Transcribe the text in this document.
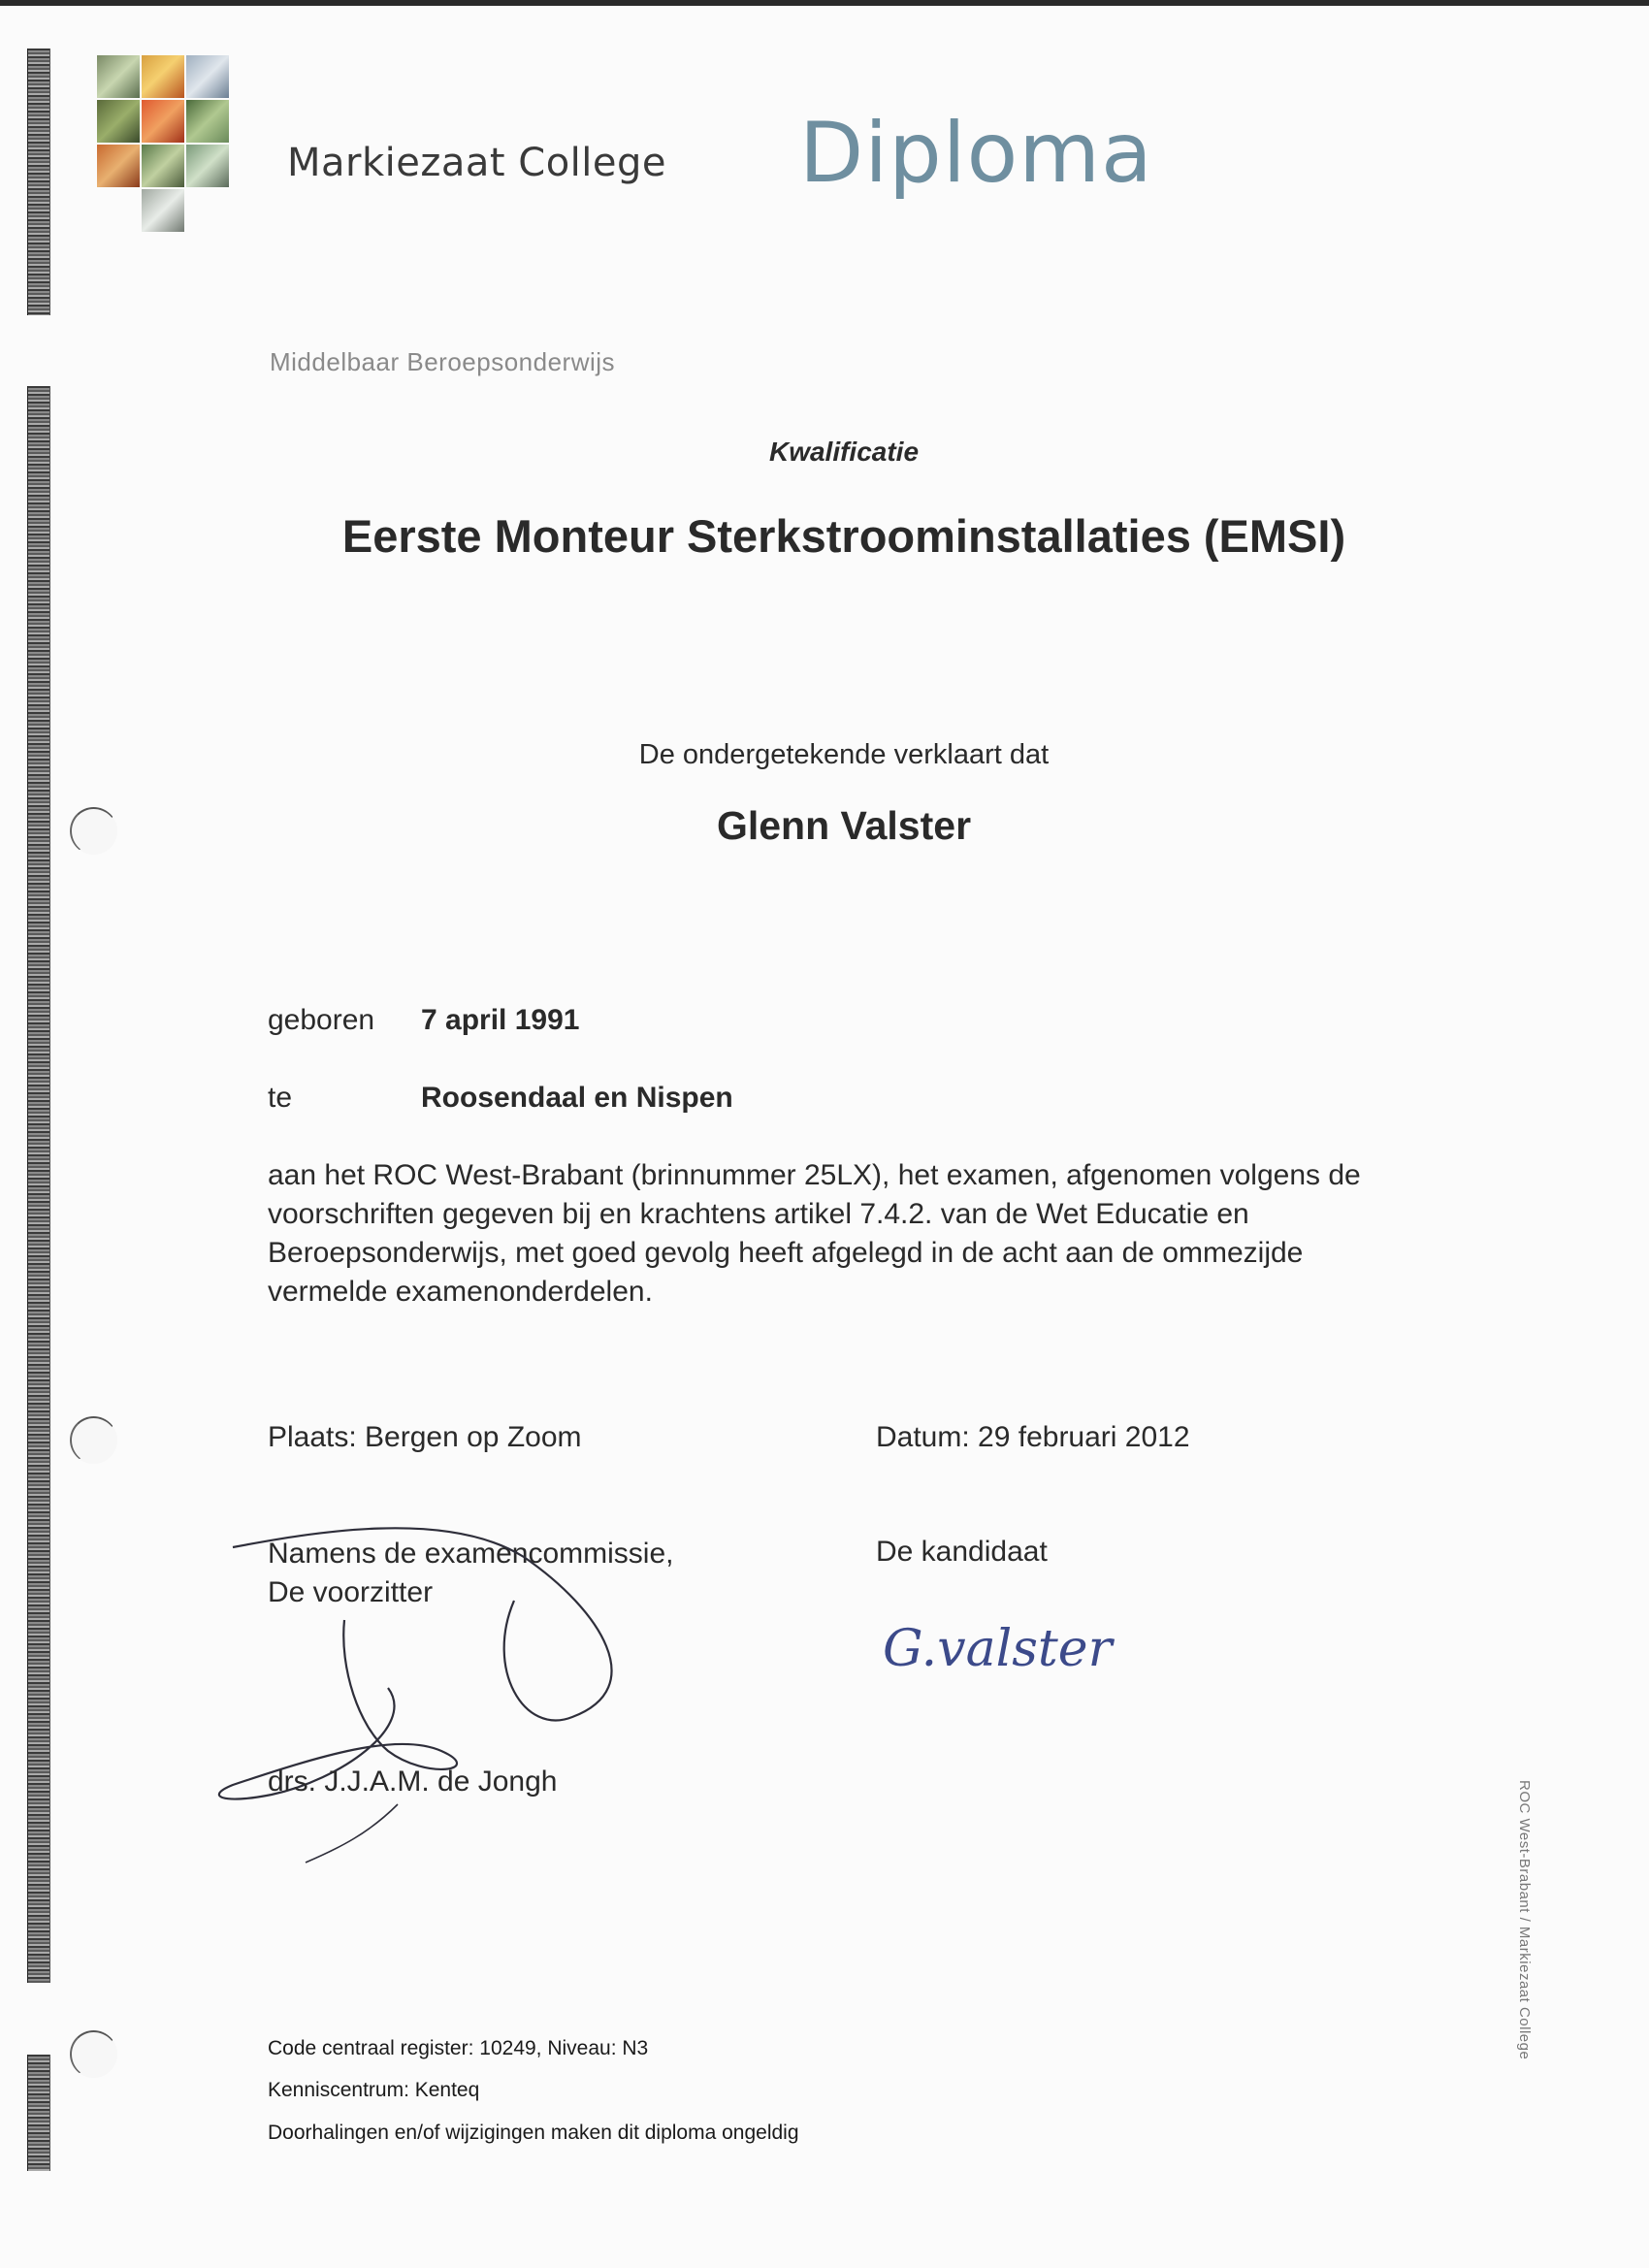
Markiezaat College Diploma
Middelbaar Beroepsonderwijs
Kwalificatie
Eerste Monteur Sterkstroominstallaties (EMSI)
De ondergetekende verklaart dat
Glenn Valster
geboren 7 april 1991
te	Roosendaal en Nispen
aan het ROC West-Brabant (brinnummer 25LX), het examen, afgenomen volgens de
voorschriften gegeven bij en krachtens artikel 7.4.2. van de Wet Educatie en
Beroepsonderwijs, met goed gevolg heeft afgelegd in de acht aan de ommezijde
vermelde examenonderdelen.
Plaats: Bergen op Zoom	Datum: 29 februari 2012
Namens de examencommissie,
De voorzitter
De kandidaat
G.valster
drs. J.J.A.M. de Jongh
Code centraal register: 10249, Niveau: N3
Kenniscentrum: Kenteq
Doorhalingen en/of wijzigingen maken dit diploma ongeldig
ROC West-Brabant / Markiezaat College
